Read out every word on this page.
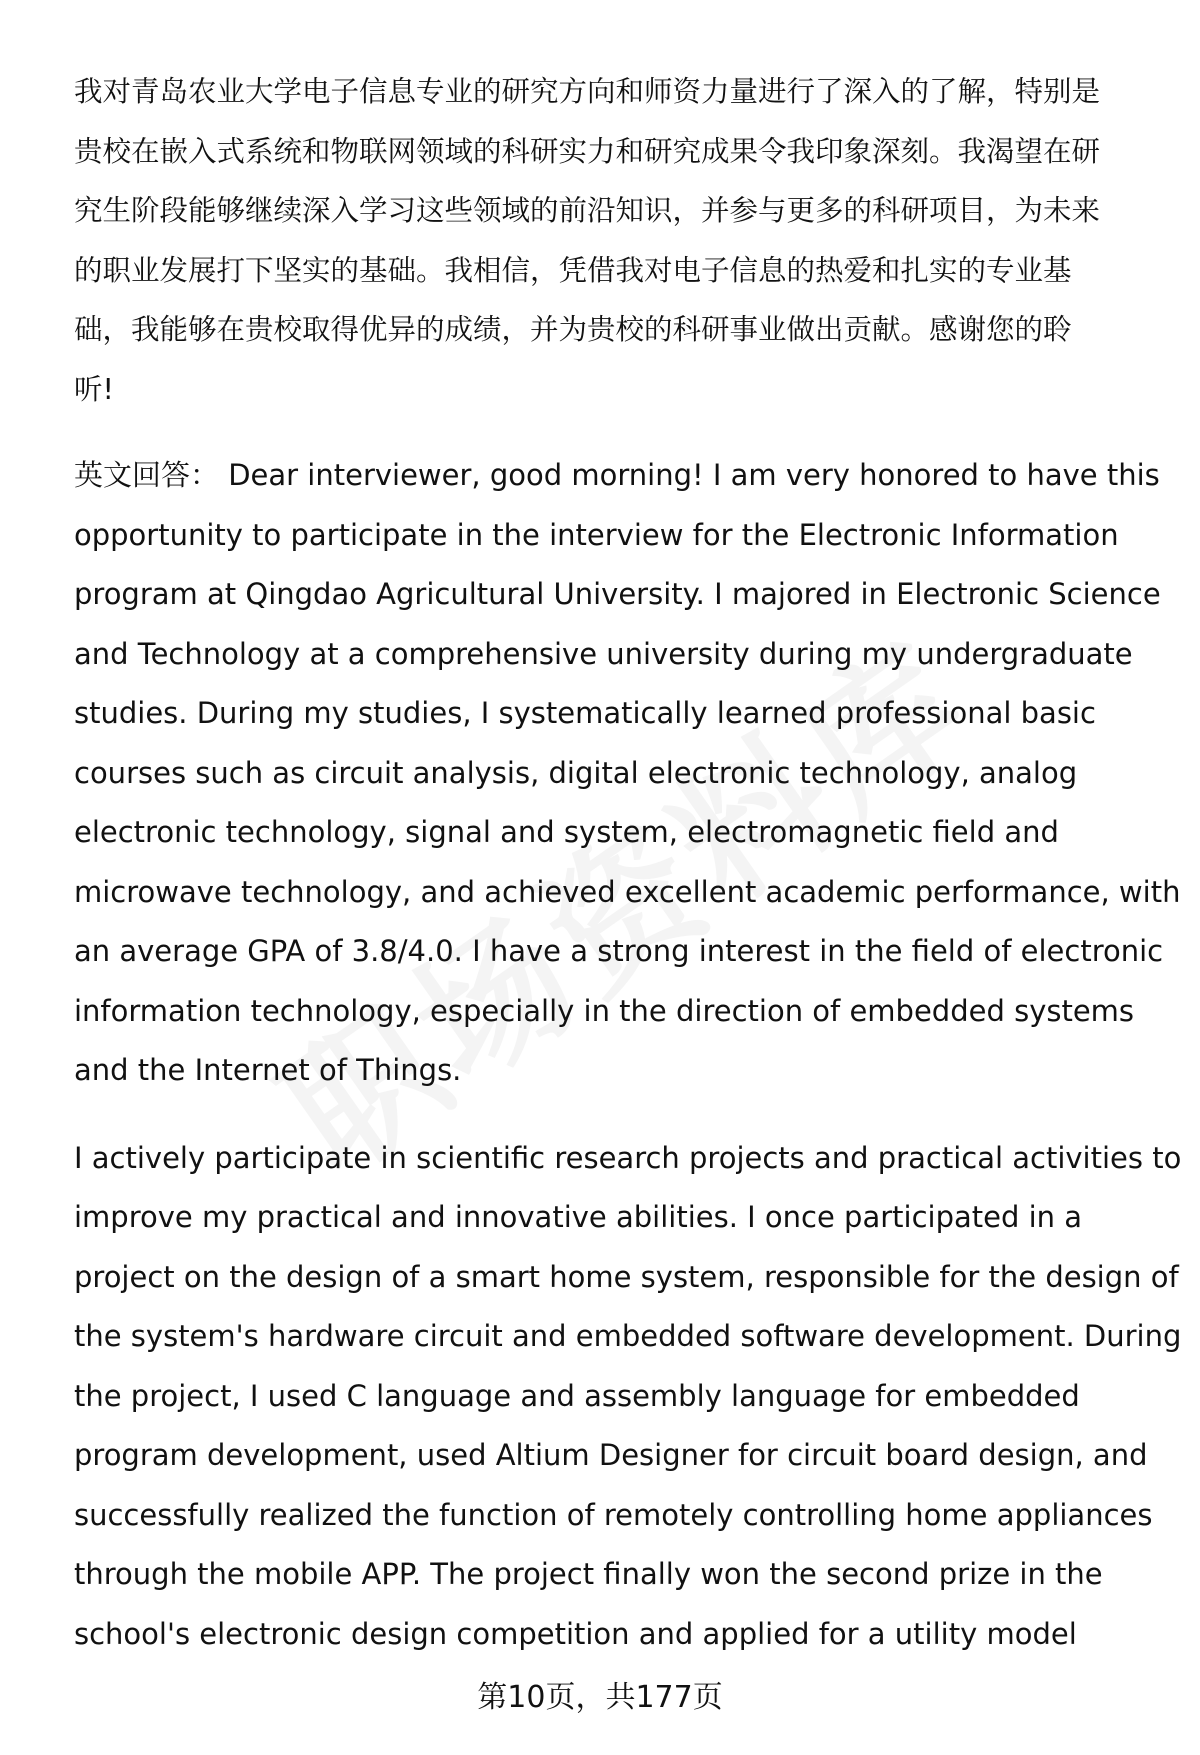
我对青岛农业大学电子信息专业的研究方向和师资力量进行了深入的了解，特别是
贵校在嵌入式系统和物联网领域的科研实力和研究成果令我印象深刻。我渴望在研
究生阶段能够继续深入学习这些领域的前沿知识，并参与更多的科研项目，为未来
的职业发展打下坚实的基础。我相信，凭借我对电子信息的热爱和扎实的专业基
础，我能够在贵校取得优异的成绩，并为贵校的科研事业做出贡献。感谢您的聆
听!

英文回答： Dear interviewer, good morning! I am very honored to have this
opportunity to participate in the interview for the Electronic Information
program at Qingdao Agricultural University. I majored in Electronic Science
and Technology at a comprehensive university during my undergraduate
studies. During my studies, I systematically learned professional basic
courses such as circuit analysis, digital electronic technology, analog
electronic technology, signal and system, electromagnetic field and
microwave technology, and achieved excellent academic performance, with
an average GPA of 3.8/4.0. I have a strong interest in the field of electronic
information technology, especially in the direction of embedded systems
and the Internet of Things.

I actively participate in scientific research projects and practical activities to
improve my practical and innovative abilities. I once participated in a
project on the design of a smart home system, responsible for the design of
the system's hardware circuit and embedded software development. During
the project, I used C language and assembly language for embedded
program development, used Altium Designer for circuit board design, and
successfully realized the function of remotely controlling home appliances
through the mobile APP. The project finally won the second prize in the
school's electronic design competition and applied for a utility model

第10页，共177页
